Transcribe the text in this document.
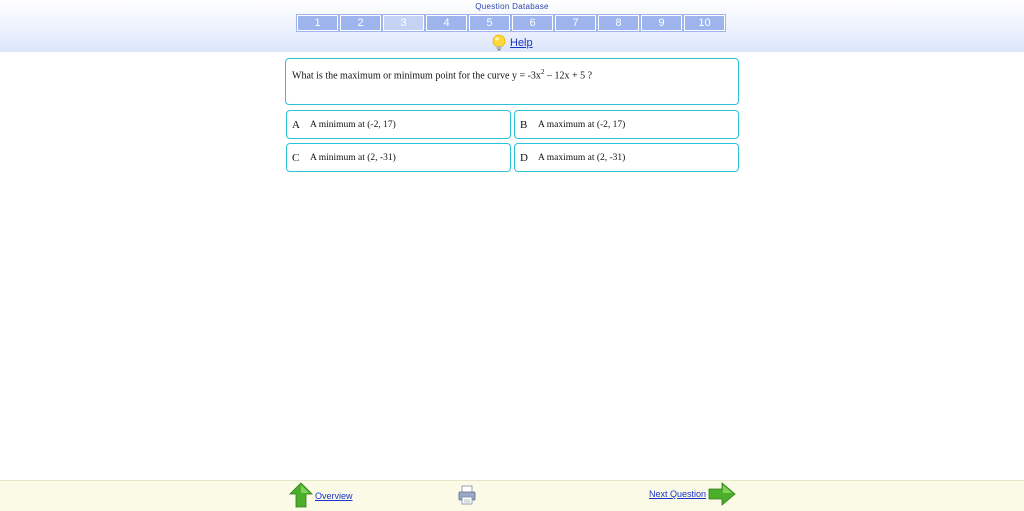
Question Database
1	2	3	4	5	6	7	8	9	10
Help
What is the maximum or minimum point for the curve $y = -3x^2 - 12x + 5$ ?
A	A minimum at (-2, 17)	B	A maximum at (-2, 17)
C	A minimum at (2, -31)	D	A maximum at (2, -31)
Overview	Next Question
